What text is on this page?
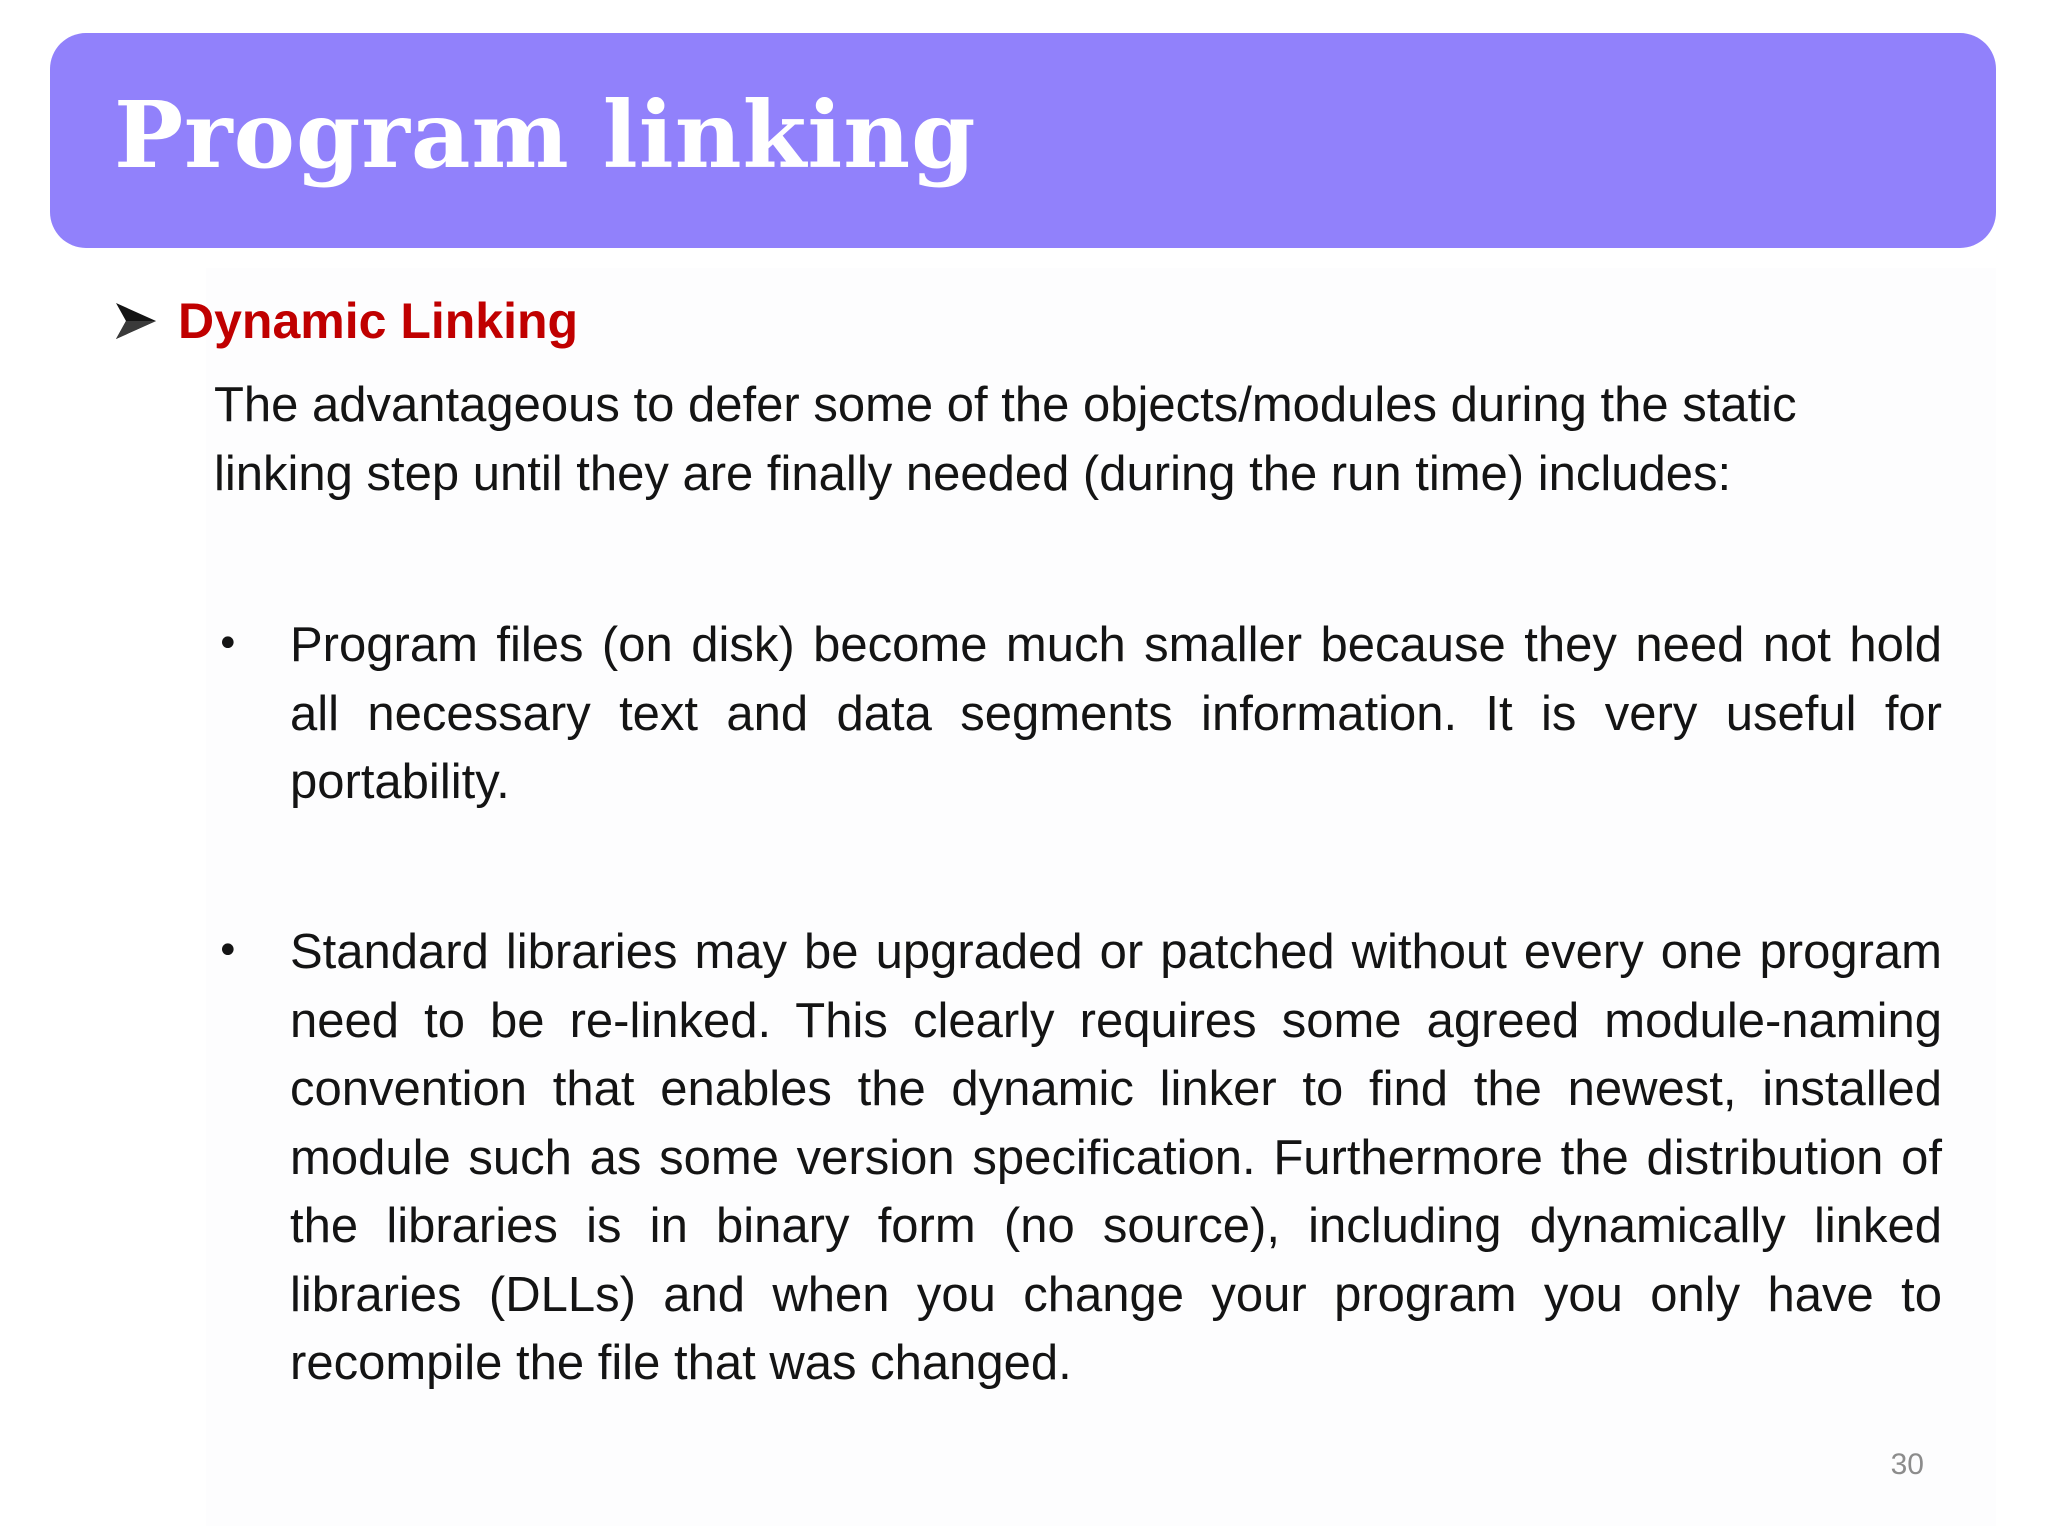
Program linking
Dynamic Linking

The advantageous to defer some of the objects/modules during the static linking step until they are finally needed (during the run time) includes:

• Program files (on disk) become much smaller because they need not hold all necessary text and data segments information. It is very useful for portability.

• Standard libraries may be upgraded or patched without every one program need to be re-linked. This clearly requires some agreed module-naming convention that enables the dynamic linker to find the newest, installed module such as some version specification. Furthermore the distribution of the libraries is in binary form (no source), including dynamically linked libraries (DLLs) and when you change your program you only have to recompile the file that was changed.

30
